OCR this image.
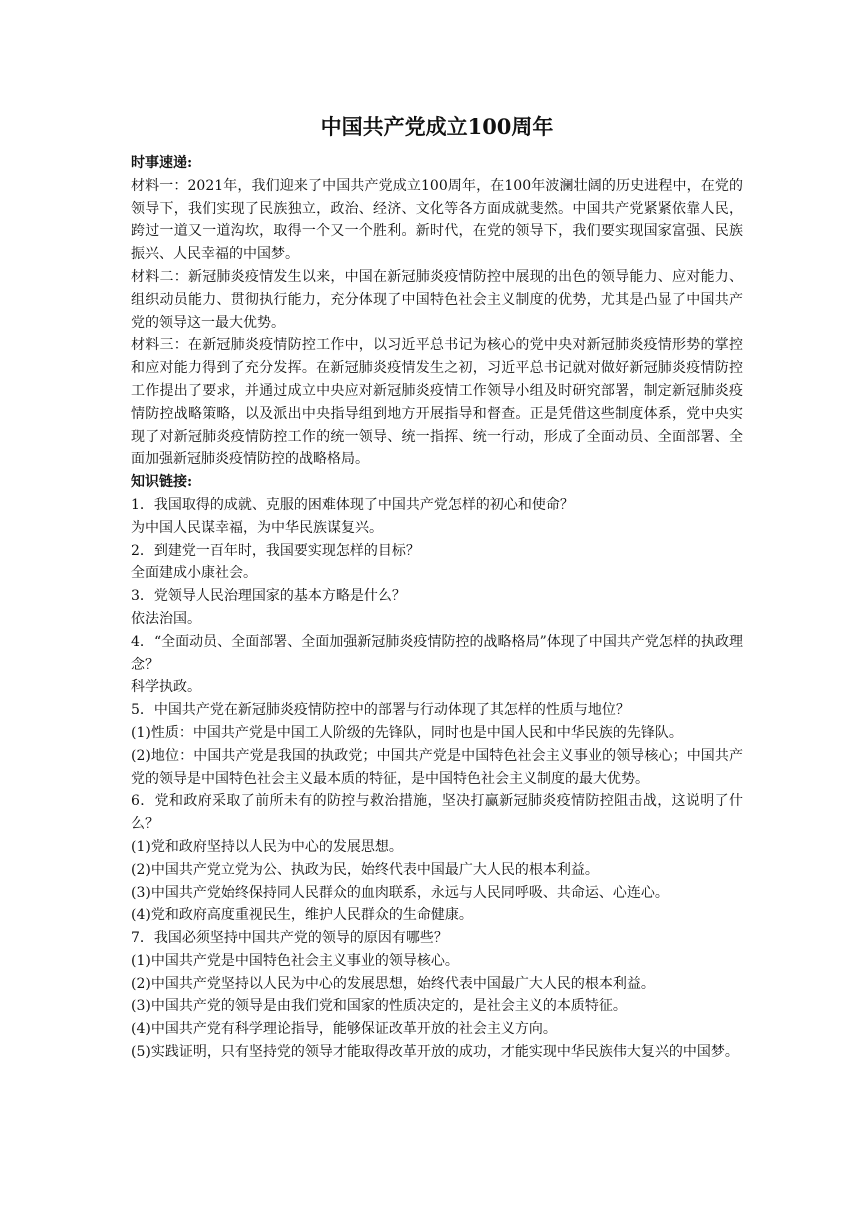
中国共产党成立100周年

时事速递:

材料一：2021年，我们迎来了中国共产党成立100周年，在100年波澜壮阔的历史进程中，在党的领导下，我们实现了民族独立，政治、经济、文化等各方面成就斐然。中国共产党紧紧依靠人民，跨过一道又一道沟坎，取得一个又一个胜利。新时代，在党的领导下，我们要实现国家富强、民族振兴、人民幸福的中国梦。

材料二：新冠肺炎疫情发生以来，中国在新冠肺炎疫情防控中展现的出色的领导能力、应对能力、组织动员能力、贯彻执行能力，充分体现了中国特色社会主义制度的优势，尤其是凸显了中国共产党的领导这一最大优势。

材料三：在新冠肺炎疫情防控工作中，以习近平总书记为核心的党中央对新冠肺炎疫情形势的掌控和应对能力得到了充分发挥。在新冠肺炎疫情发生之初，习近平总书记就对做好新冠肺炎疫情防控工作提出了要求，并通过成立中央应对新冠肺炎疫情工作领导小组及时研究部署，制定新冠肺炎疫情防控战略策略，以及派出中央指导组到地方开展指导和督查。正是凭借这些制度体系，党中央实现了对新冠肺炎疫情防控工作的统一领导、统一指挥、统一行动，形成了全面动员、全面部署、全面加强新冠肺炎疫情防控的战略格局。

知识链接:

1．我国取得的成就、克服的困难体现了中国共产党怎样的初心和使命？

为中国人民谋幸福，为中华民族谋复兴。

2．到建党一百年时，我国要实现怎样的目标？

全面建成小康社会。

3．党领导人民治理国家的基本方略是什么？

依法治国。

4．“全面动员、全面部署、全面加强新冠肺炎疫情防控的战略格局”体现了中国共产党怎样的执政理念？

科学执政。

5．中国共产党在新冠肺炎疫情防控中的部署与行动体现了其怎样的性质与地位？

(1)性质：中国共产党是中国工人阶级的先锋队，同时也是中国人民和中华民族的先锋队。

(2)地位：中国共产党是我国的执政党；中国共产党是中国特色社会主义事业的领导核心；中国共产党的领导是中国特色社会主义最本质的特征，是中国特色社会主义制度的最大优势。

6．党和政府采取了前所未有的防控与救治措施，坚决打赢新冠肺炎疫情防控阻击战，这说明了什么？

(1)党和政府坚持以人民为中心的发展思想。

(2)中国共产党立党为公、执政为民，始终代表中国最广大人民的根本利益。

(3)中国共产党始终保持同人民群众的血肉联系，永远与人民同呼吸、共命运、心连心。

(4)党和政府高度重视民生，维护人民群众的生命健康。

7．我国必须坚持中国共产党的领导的原因有哪些？

(1)中国共产党是中国特色社会主义事业的领导核心。

(2)中国共产党坚持以人民为中心的发展思想，始终代表中国最广大人民的根本利益。

(3)中国共产党的领导是由我们党和国家的性质决定的，是社会主义的本质特征。

(4)中国共产党有科学理论指导，能够保证改革开放的社会主义方向。

(5)实践证明，只有坚持党的领导才能取得改革开放的成功，才能实现中华民族伟大复兴的中国梦。
